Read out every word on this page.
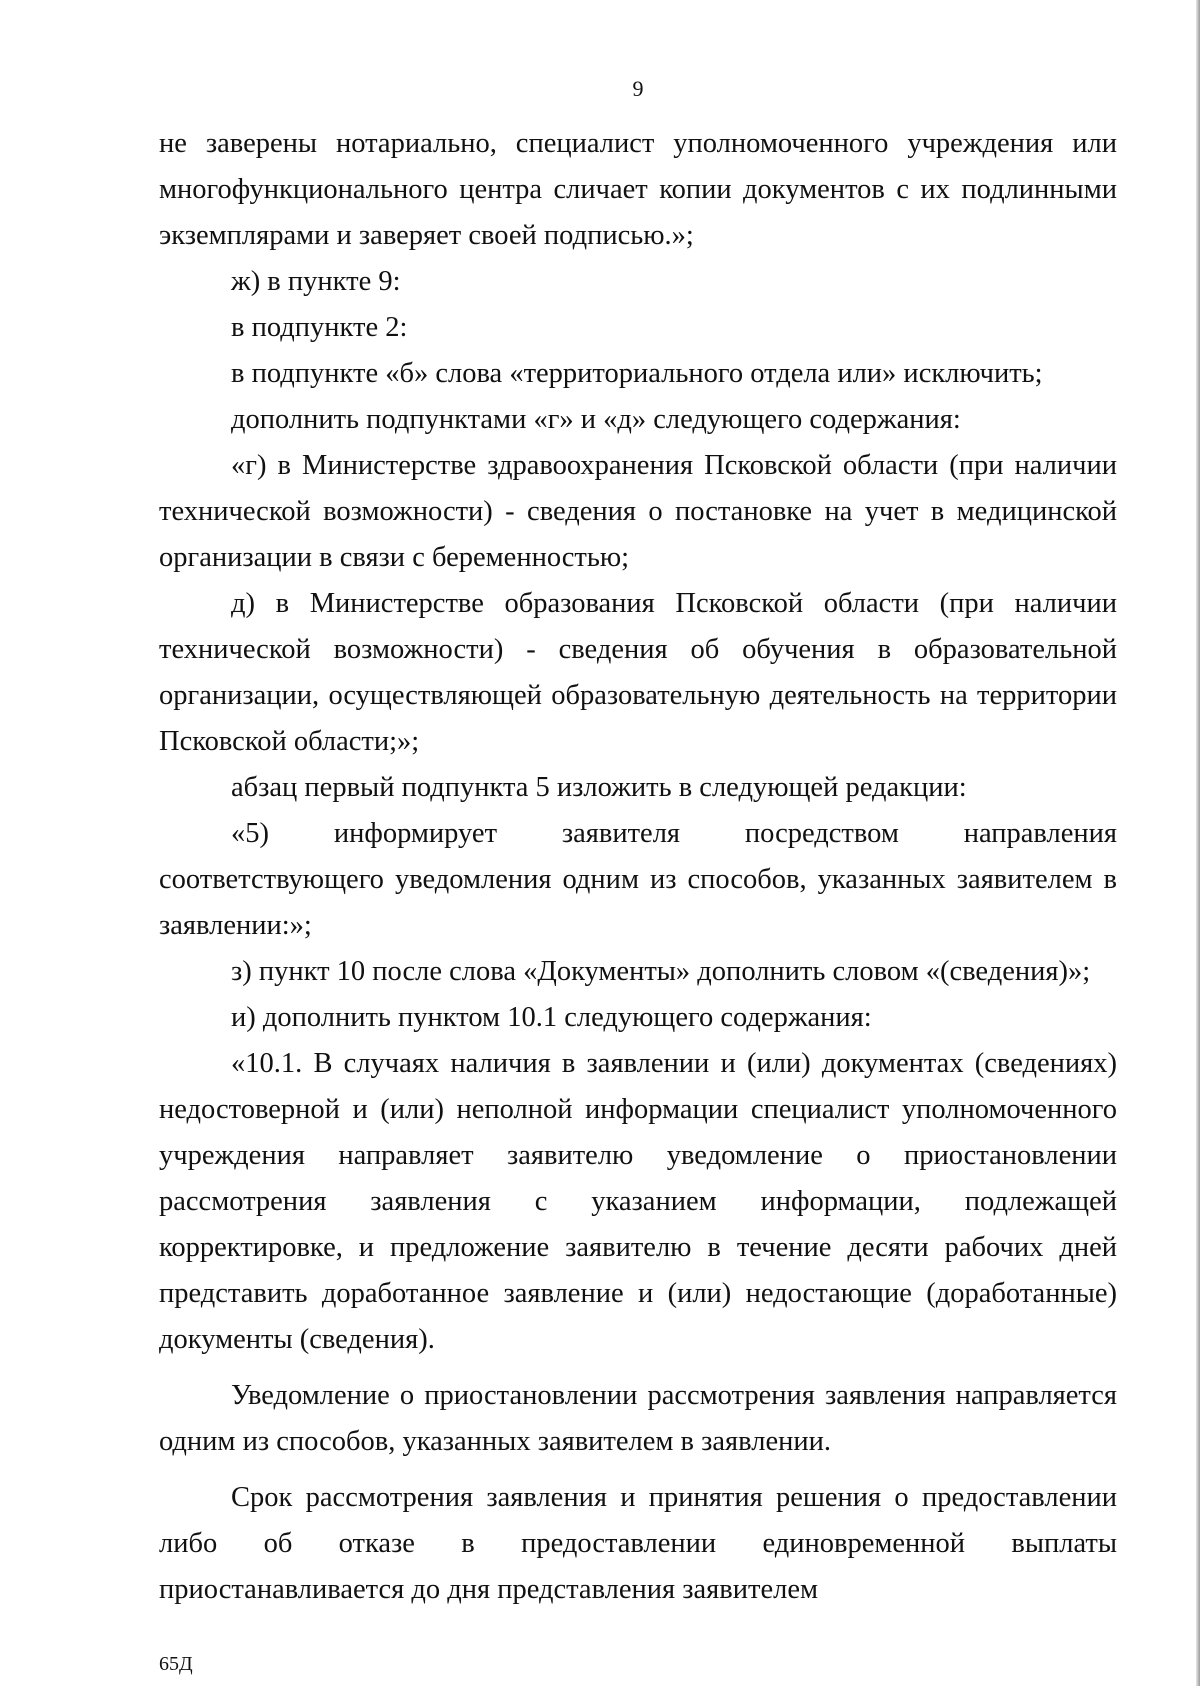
9

не заверены нотариально, специалист уполномоченного учреждения или многофункционального центра сличает копии документов с их подлинными экземплярами и заверяет своей подписью.»;

ж) в пункте 9:

в подпункте 2:

в подпункте «б» слова «территориального отдела или» исключить;

дополнить подпунктами «г» и «д» следующего содержания:

«г) в Министерстве здравоохранения Псковской области (при наличии технической возможности) - сведения о постановке на учет в медицинской организации в связи с беременностью;

д) в Министерстве образования Псковской области (при наличии технической возможности) - сведения об обучения в образовательной организации, осуществляющей образовательную деятельность на территории Псковской области;»;

абзац первый подпункта 5 изложить в следующей редакции:

«5) информирует заявителя посредством направления соответствующего уведомления одним из способов, указанных заявителем в заявлении:»;

з) пункт 10 после слова «Документы» дополнить словом «(сведения)»;

и) дополнить пунктом 10.1 следующего содержания:

«10.1. В случаях наличия в заявлении и (или) документах (сведениях) недостоверной и (или) неполной информации специалист уполномоченного учреждения направляет заявителю уведомление о приостановлении рассмотрения заявления с указанием информации, подлежащей корректировке, и предложение заявителю в течение десяти рабочих дней представить доработанное заявление и (или) недостающие (доработанные) документы (сведения).

Уведомление о приостановлении рассмотрения заявления направляется одним из способов, указанных заявителем в заявлении.

Срок рассмотрения заявления и принятия решения о предоставлении либо об отказе в предоставлении единовременной выплаты приостанавливается до дня представления заявителем

65Д
